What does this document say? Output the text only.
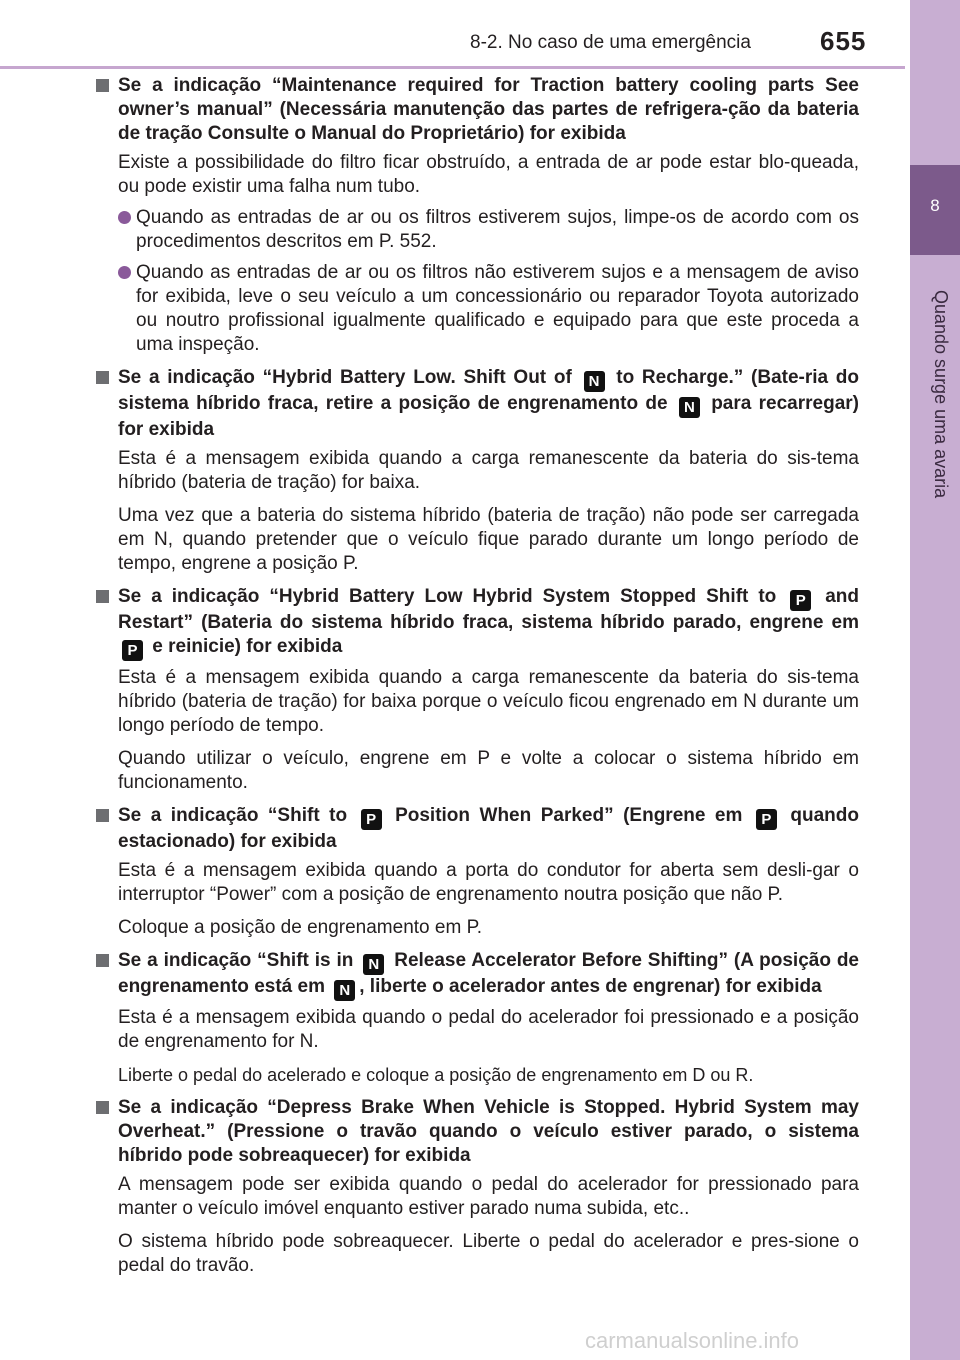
8-2. No caso de uma emergência	655
8
Quando surge uma avaria
Se a indicação “Maintenance required for Traction battery cooling parts See owner’s manual” (Necessária manutenção das partes de refrigera-ção da bateria de tração Consulte o Manual do Proprietário) for exibida
Existe a possibilidade do filtro ficar obstruído, a entrada de ar pode estar blo-queada, ou pode existir uma falha num tubo.
Quando as entradas de ar ou os filtros estiverem sujos, limpe-os de acordo com os procedimentos descritos em P. 552.
Quando as entradas de ar ou os filtros não estiverem sujos e a mensagem de aviso for exibida, leve o seu veículo a um concessionário ou reparador Toyota autorizado ou noutro profissional igualmente qualificado e equipado para que este proceda a uma inspeção.
Se a indicação “Hybrid Battery Low. Shift Out of N to Recharge.” (Bate-ria do sistema híbrido fraca, retire a posição de engrenamento de N para recarregar) for exibida
Esta é a mensagem exibida quando a carga remanescente da bateria do sis-tema híbrido (bateria de tração) for baixa.
Uma vez que a bateria do sistema híbrido (bateria de tração) não pode ser carregada em N, quando pretender que o veículo fique parado durante um longo período de tempo, engrene a posição P.
Se a indicação “Hybrid Battery Low Hybrid System Stopped Shift to P and Restart” (Bateria do sistema híbrido fraca, sistema híbrido parado, engrene em P e reinicie) for exibida
Esta é a mensagem exibida quando a carga remanescente da bateria do sis-tema híbrido (bateria de tração) for baixa porque o veículo ficou engrenado em N durante um longo período de tempo.
Quando utilizar o veículo, engrene em P e volte a colocar o sistema híbrido em funcionamento.
Se a indicação “Shift to P Position When Parked” (Engrene em P quando estacionado) for exibida
Esta é a mensagem exibida quando a porta do condutor for aberta sem desli-gar o interruptor “Power” com a posição de engrenamento noutra posição que não P.
Coloque a posição de engrenamento em P.
Se a indicação “Shift is in N Release Accelerator Before Shifting” (A posição de engrenamento está em N , liberte o acelerador antes de engrenar) for exibida
Esta é a mensagem exibida quando o pedal do acelerador foi pressionado e a posição de engrenamento for N.
Liberte o pedal do acelerado e coloque a posição de engrenamento em D ou R.
Se a indicação “Depress Brake When Vehicle is Stopped. Hybrid System may Overheat.” (Pressione o travão quando o veículo estiver parado, o sistema híbrido pode sobreaquecer) for exibida
A mensagem pode ser exibida quando o pedal do acelerador for pressionado para manter o veículo imóvel enquanto estiver parado numa subida, etc..
O sistema híbrido pode sobreaquecer. Liberte o pedal do acelerador e pres-sione o pedal do travão.
carmanualsonline.info
